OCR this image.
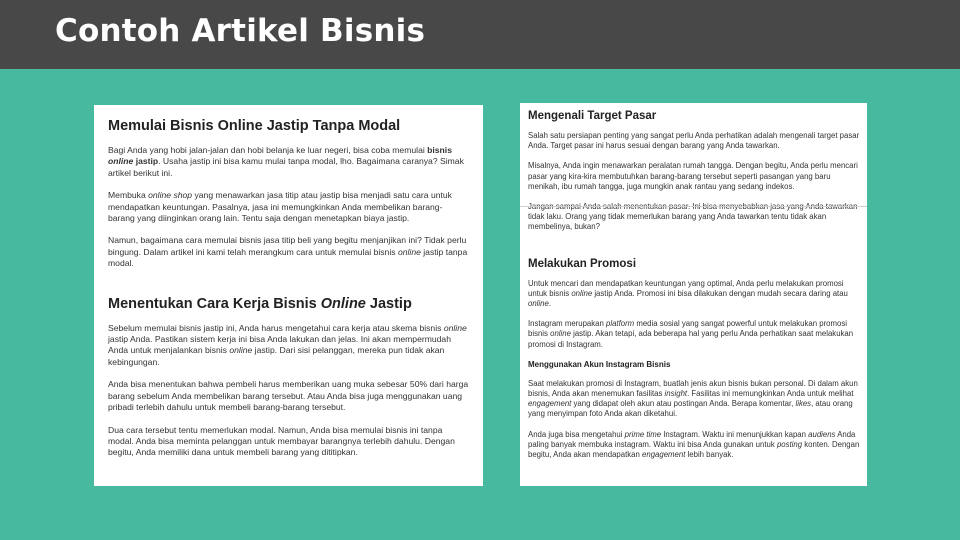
Contoh Artikel Bisnis
Memulai Bisnis Online Jastip Tanpa Modal

Bagi Anda yang hobi jalan-jalan dan hobi belanja ke luar negeri, bisa coba memulai bisnis online jastip. Usaha jastip ini bisa kamu mulai tanpa modal, lho. Bagaimana caranya? Simak artikel berikut ini.

Membuka online shop yang menawarkan jasa titip atau jastip bisa menjadi satu cara untuk mendapatkan keuntungan. Pasalnya, jasa ini memungkinkan Anda membelikan barang-barang yang diinginkan orang lain. Tentu saja dengan menetapkan biaya jastip.

Namun, bagaimana cara memulai bisnis jasa titip beli yang begitu menjanjikan ini? Tidak perlu bingung. Dalam artikel ini kami telah merangkum cara untuk memulai bisnis online jastip tanpa modal.

Menentukan Cara Kerja Bisnis Online Jastip

Sebelum memulai bisnis jastip ini, Anda harus mengetahui cara kerja atau skema bisnis online jastip Anda. Pastikan sistem kerja ini bisa Anda lakukan dan jelas. Ini akan mempermudah Anda untuk menjalankan bisnis online jastip. Dari sisi pelanggan, mereka pun tidak akan kebingungan.

Anda bisa menentukan bahwa pembeli harus memberikan uang muka sebesar 50% dari harga barang sebelum Anda membelikan barang tersebut. Atau Anda bisa juga menggunakan uang pribadi terlebih dahulu untuk membeli barang-barang tersebut.

Dua cara tersebut tentu memerlukan modal. Namun, Anda bisa memulai bisnis ini tanpa modal. Anda bisa meminta pelanggan untuk membayar barangnya terlebih dahulu. Dengan begitu, Anda memiliki dana untuk membeli barang yang dititipkan.

Mengenali Target Pasar

Salah satu persiapan penting yang sangat perlu Anda perhatikan adalah mengenali target pasar Anda. Target pasar ini harus sesuai dengan barang yang Anda tawarkan.

Misalnya, Anda ingin menawarkan peralatan rumah tangga. Dengan begitu, Anda perlu mencari pasar yang kira-kira membutuhkan barang-barang tersebut seperti pasangan yang baru menikah, ibu rumah tangga, juga mungkin anak rantau yang sedang indekos.

tidak laku. Orang yang tidak memerlukan barang yang Anda tawarkan tentu tidak akan membelinya, bukan?

Melakukan Promosi

Untuk mencari dan mendapatkan keuntungan yang optimal, Anda perlu melakukan promosi untuk bisnis online jastip Anda. Promosi ini bisa dilakukan dengan mudah secara daring atau online.

Instagram merupakan platform media sosial yang sangat powerful untuk melakukan promosi bisnis online jastip. Akan tetapi, ada beberapa hal yang perlu Anda perhatikan saat melakukan promosi di Instagram.

Menggunakan Akun Instagram Bisnis

Saat melakukan promosi di Instagram, buatlah jenis akun bisnis bukan personal. Di dalam akun bisnis, Anda akan menemukan fasilitas insight. Fasilitas ini memungkinkan Anda untuk melihat engagement yang didapat oleh akun atau postingan Anda. Berapa komentar, likes, atau orang yang menyimpan foto Anda akan diketahui.

Anda juga bisa mengetahui prime time Instagram. Waktu ini menunjukkan kapan audiens Anda paling banyak membuka instagram. Waktu ini bisa Anda gunakan untuk posting konten. Dengan begitu, Anda akan mendapatkan engagement lebih banyak.
